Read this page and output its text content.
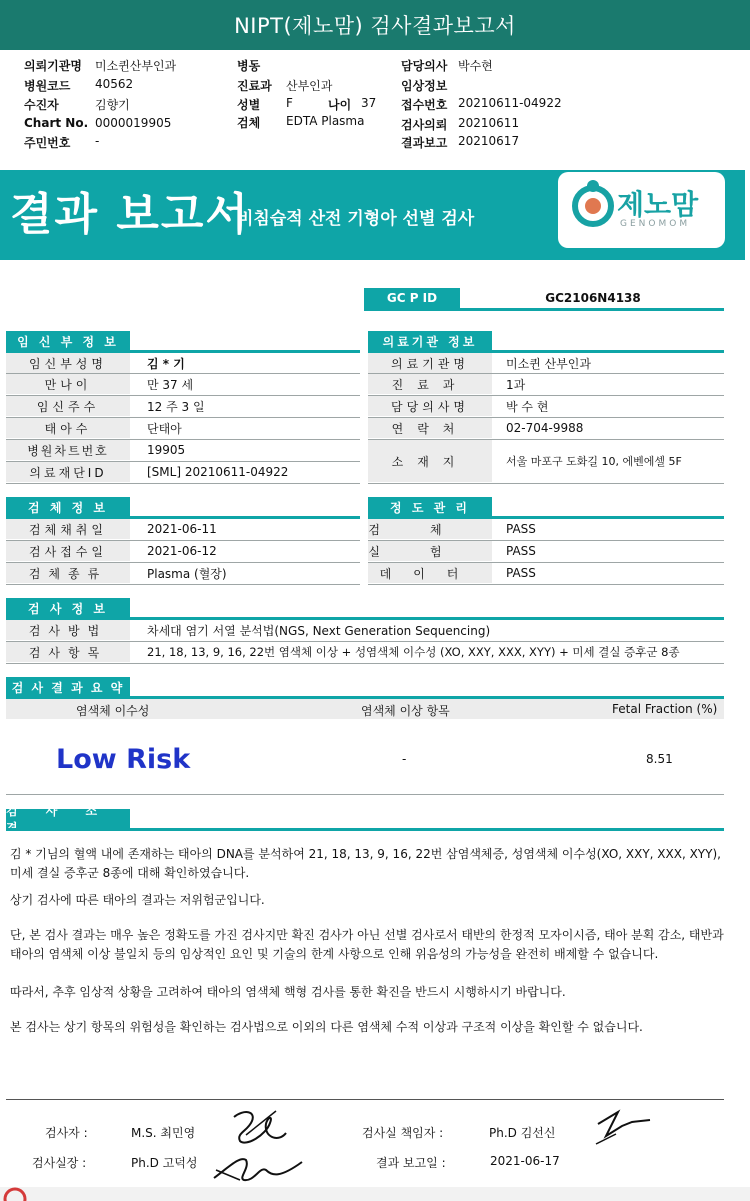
NIPT(제노맘) 검사결과보고서
의뢰기관명 미소퀸산부인과
병원코드 40562
수진자	김향기
Chart No. 0000019905
주민번호 -
병동
진료과 산부인과
성별 F	나이 37
검체 EDTA Plasma
담당의사 박수현
임상정보
접수번호 20210611-04922
검사의뢰 20210611
결과보고 20210617
결과 보고서
비침습적 산전 기형아 선별 검사	제노맘
GENOMOM
GC P ID	GC2106N4138
임 신 부 정 보
임신부성명	김 * 기
만나이	만 37 세
임신주수	12 주 3 일
태아수	단태아
병원차트번호	19905
의료재단ID	[SML] 20210611-04922
의료기관 정보
의료기관명	미소퀸 산부인과
진료과	1과
담당의사명	박 수 현
연락처	02-704-9988
소재지	서울 마포구 도화길 10, 에벤에셀 5F
검 체 정 보
검체채취일	2021-06-11
검사접수일	2021-06-12
검체종류	Plasma (혈장)
정 도 관 리
검체 PASS
실험 PASS
데이터	PASS
검 사 정 보
검사방법	차세대 염기 서열 분석법(NGS, Next Generation Sequencing)
검사항목	21, 18, 13, 9, 16, 22번 염색체 이상 + 성염색체 이수성 (XO, XXY, XXX, XYY) + 미세 결실 증후군 8종
검 사 결 과 요 약
염색체 이수성	염색체 이상 항목	Fetal Fraction (%)
Low Risk	-	8.51
검 사 소
김 * 기님의 혈액 내에 존재하는 태아의 DNA를 분석하여 21, 18, 13, 9, 16, 22번 삼염색체증, 성염색체 이수성(XO, XXY, XXX, XYY), 미세 결실 증후군 8종에 대해 확인하였습니다.
상기 검사에 따른 태아의 결과는 저위험군입니다.
단, 본 검사 결과는 매우 높은 정확도를 가진 검사지만 확진 검사가 아닌 선별 검사로서 태반의 한정적 모자이시즘, 태아 분획 감소, 태반과 태아의 염색체 이상 불일치 등의 임상적인 요인 및 기술의 한계 사항으로 인해 위음성의 가능성을 완전히 배제할 수 없습니다.
따라서, 추후 임상적 상황을 고려하여 태아의 염색체 핵형 검사를 통한 확진을 반드시 시행하시기 바랍니다.
본 검사는 상기 항목의 위험성을 확인하는 검사법으로 이외의 다른 염색체 수적 이상과 구조적 이상을 확인할 수 없습니다.
검사자 :	M.S. 최민영	검사실 책임자 :	Ph.D 김선신
검사실장 :	Ph.D 고덕성	결과 보고일 :	2021-06-17
